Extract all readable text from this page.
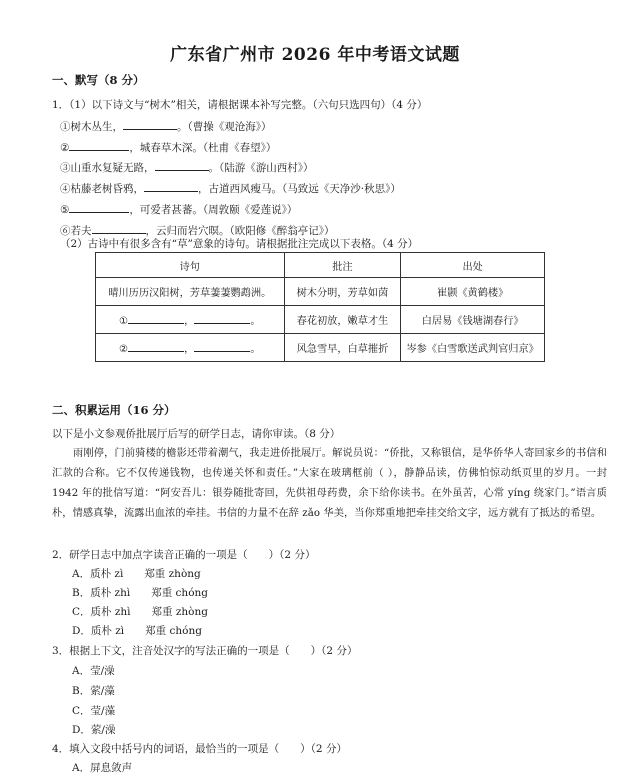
广东省广州市 2026 年中考语文试题
一、默写（8 分）
1．（1）以下诗文与“树木”相关，请根据课本补写完整。（六句只选四句）（4 分）
①树木丛生，	。（曹操《观沧海》）
②	，城春草木深。（杜甫《春望》）
③山重水复疑无路，	。（陆游《游山西村》）
④枯藤老树昏鸦，	，古道西风瘦马。（马致远《天净沙·秋思》）
⑤	，可爱者甚蕃。（周敦颐《爱莲说》）
⑥若夫	，云归而岩穴暝。（欧阳修《醉翁亭记》）
（2）古诗中有很多含有“草”意象的诗句。请根据批注完成以下表格。（4 分）
诗句	批注	出处
晴川历历汉阳树，芳草萋萋鹦鹉洲。	树木分明，芳草如茵	崔颢《黄鹤楼》
① ， 。	春花初放，嫩草才生	白居易《钱塘湖春行》
② ， 。	风急雪早，白草摧折	岑参《白雪歌送武判官归京》
二、积累运用（16 分）
以下是小文参观侨批展厅后写的研学日志，请你审读。（8 分）
雨刚停，门前骑楼的檐影还带着潮气，我走进侨批展厅。解说员说：“侨批，又称银信，是华侨华人寄回家乡的书信和汇款的合称。它不仅传递钱物，也传递关怀和责任。”大家在玻璃框前（ ），静静品读，仿佛怕惊动纸页里的岁月。一封 1942 年的批信写道：“阿安吾儿：银券随批寄回，先供祖母药费，余下给你读书。在外虽苦，心常 yíng 绕家门。”语言质朴，情感真挚，流露出血浓的牵挂。书信的力量不在辞 zǎo 华美，当你郑重地把牵挂交给文字，远方就有了抵达的希望。
2．研学日志中加点字读音正确的一项是（　　）（2 分）
A．质朴 zì   郑重 zhòng
B．质朴 zhì   郑重 chóng
C．质朴 zhì   郑重 zhòng
D．质朴 zì   郑重 chóng
3．根据上下文，注音处汉字的写法正确的一项是（　　）（2 分）
A．莹/澡
B．萦/藻
C．莹/藻
D．萦/澡
4．填入文段中括号内的词语，最恰当的一项是（　　）（2 分）
A．屏息敛声
